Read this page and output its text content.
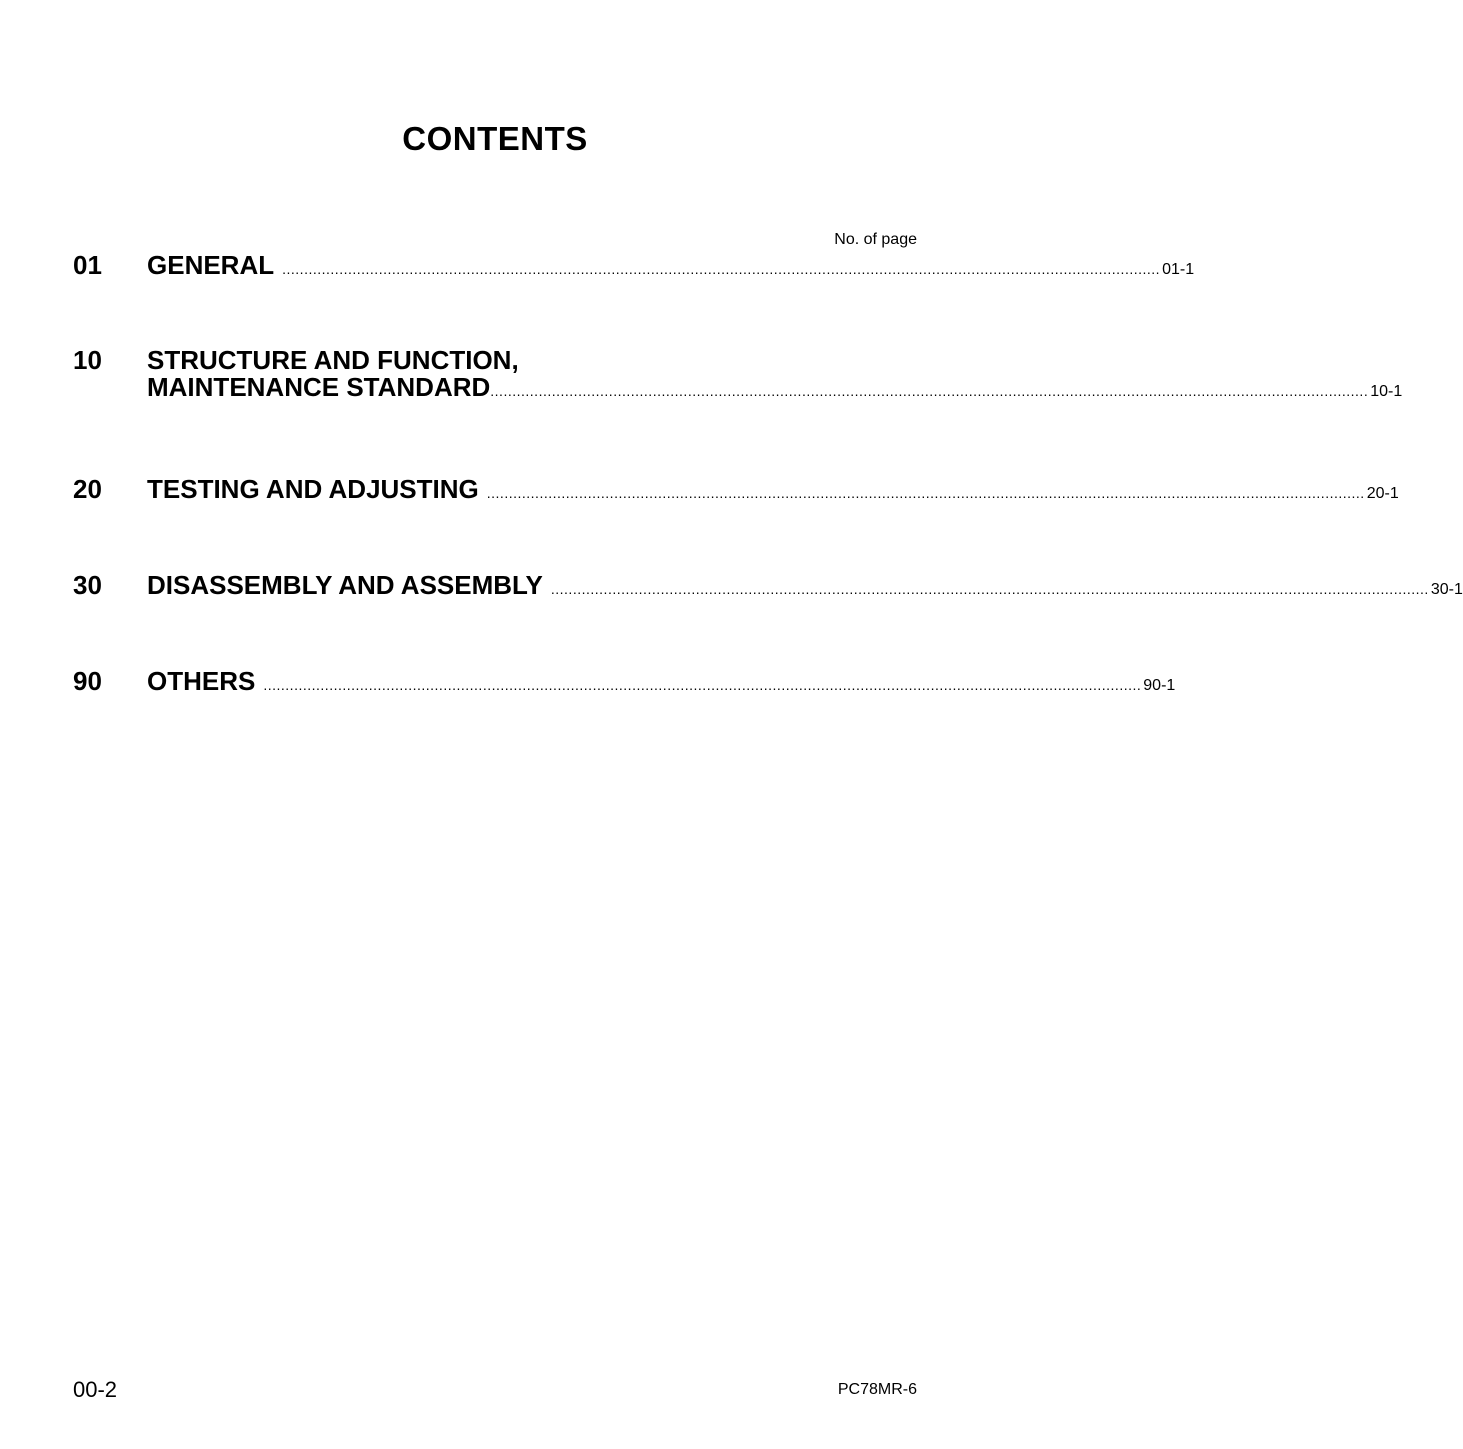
CONTENTS
No. of page
01 GENERAL ........................................................................................................................................................................................................ 01-1
10 STRUCTURE AND FUNCTION,
MAINTENANCE STANDARD ........................................................................................................................................................................................................ 10-1
20 TESTING AND ADJUSTING ........................................................................................................................................................................................................ 20-1
30 DISASSEMBLY AND ASSEMBLY ........................................................................................................................................................................................................ 30-1
90 OTHERS ........................................................................................................................................................................................................ 90-1
00-2	PC78MR-6
